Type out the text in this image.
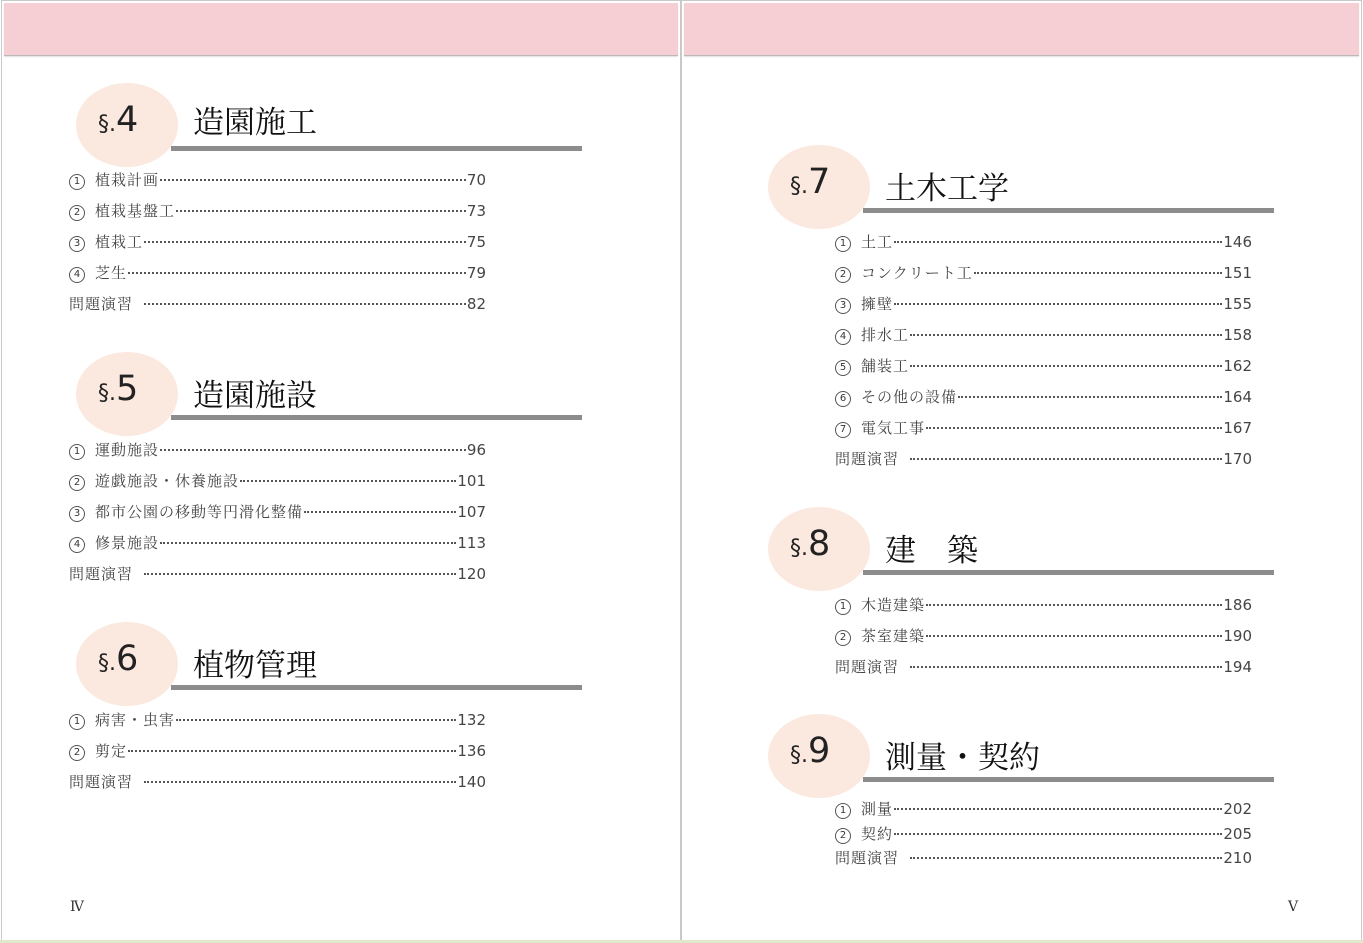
§.4 造園施工
1 植栽計画	70
2 植栽基盤工	73
3 植栽工	75
4 芝生	79
問題演習	82
§.5 造園施設
1 運動施設	96
2 遊戯施設・休養施設	101
3 都市公園の移動等円滑化整備	107
4 修景施設	113
問題演習	120
§.6 植物管理
1 病害・虫害	132
2 剪定	136
問題演習	140
Ⅳ
§.7 土木工学
1 土工	146
2 コンクリート工	151
3 擁壁	155
4 排水工	158
5 舗装工	162
6 その他の設備	164
7 電気工事	167
問題演習	170
§.8 建　築
1 木造建築	186
2 茶室建築	190
問題演習	194
§.9 測量・契約
1 測量	202
2 契約	205
問題演習	210
Ⅴ
